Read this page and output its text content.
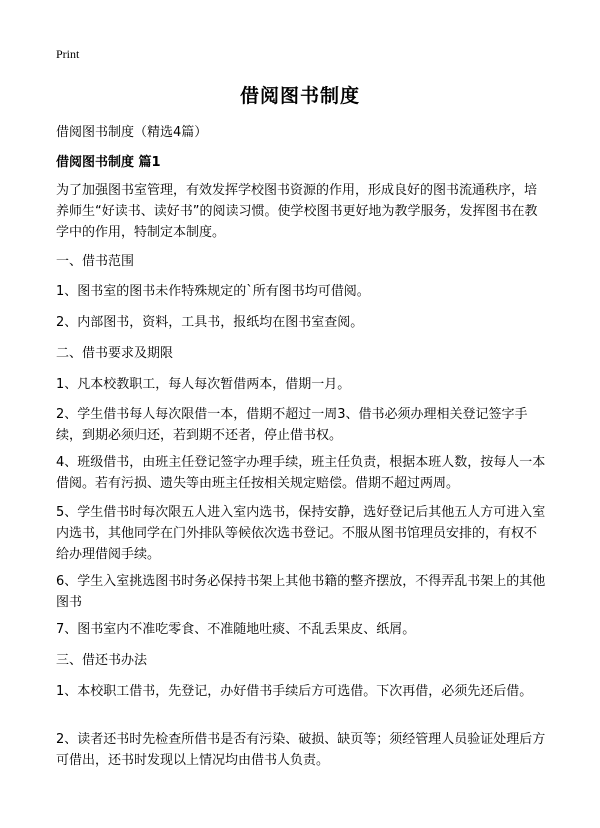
Print
借阅图书制度
借阅图书制度（精选4篇）
借阅图书制度 篇1
为了加强图书室管理，有效发挥学校图书资源的作用，形成良好的图书流通秩序，培养师生“好读书、读好书”的阅读习惯。使学校图书更好地为教学服务，发挥图书在教学中的作用，特制定本制度。
一、借书范围
1、图书室的图书未作特殊规定的`所有图书均可借阅。
2、内部图书，资料，工具书，报纸均在图书室查阅。
二、借书要求及期限
1、凡本校教职工，每人每次暂借两本，借期一月。
2、学生借书每人每次限借一本，借期不超过一周3、借书必须办理相关登记签字手续，到期必须归还，若到期不还者，停止借书权。
4、班级借书，由班主任登记签字办理手续，班主任负责，根据本班人数，按每人一本借阅。若有污损、遗失等由班主任按相关规定赔偿。借期不超过两周。
5、学生借书时每次限五人进入室内选书，保持安静，选好登记后其他五人方可进入室内选书，其他同学在门外排队等候依次选书登记。不服从图书馆理员安排的，有权不给办理借阅手续。
6、学生入室挑选图书时务必保持书架上其他书籍的整齐摆放，不得弄乱书架上的其他图书
7、图书室内不准吃零食、不准随地吐痰、不乱丢果皮、纸屑。
三、借还书办法
1、本校职工借书，先登记，办好借书手续后方可选借。下次再借，必须先还后借。
2、读者还书时先检查所借书是否有污染、破损、缺页等；须经管理人员验证处理后方可借出，还书时发现以上情况均由借书人负责。
